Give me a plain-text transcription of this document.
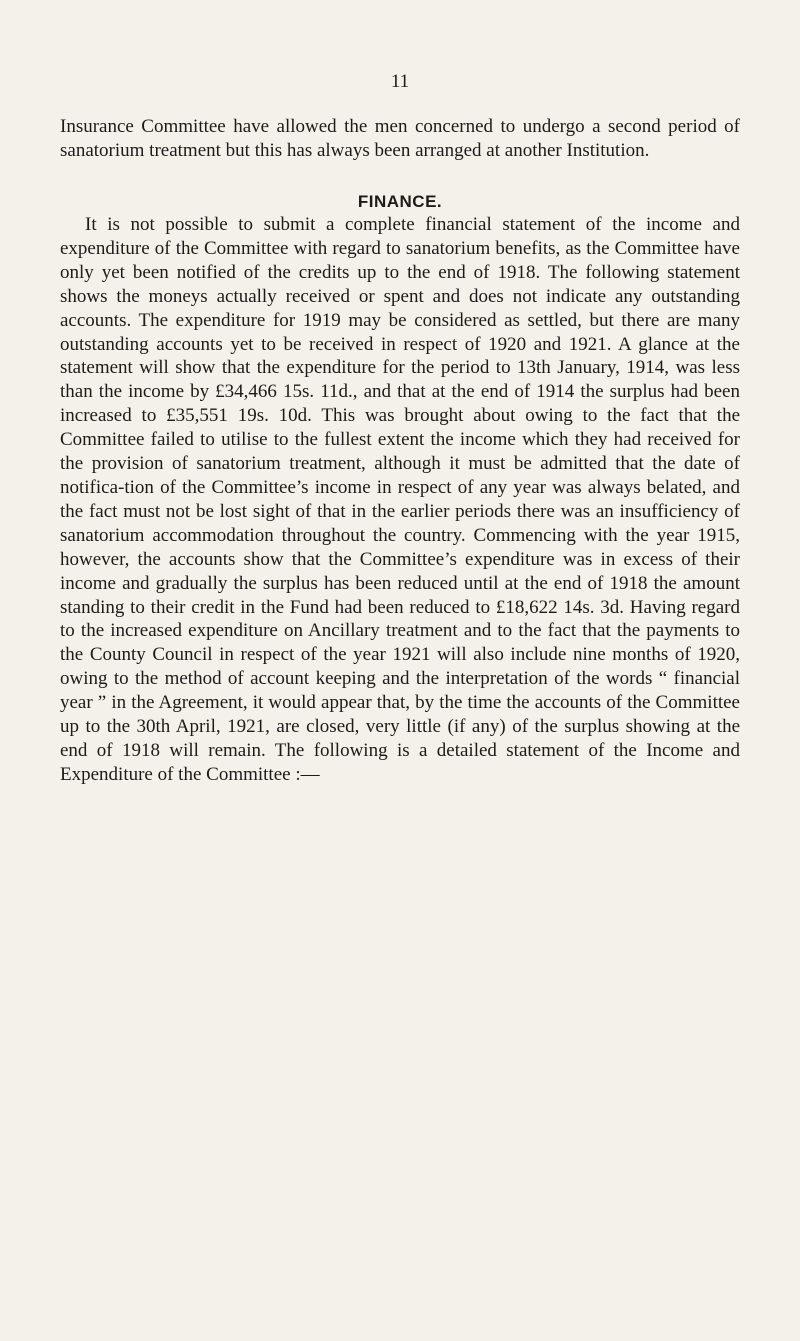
11

Insurance Committee have allowed the men concerned to undergo a second period of sanatorium treatment but this has always been arranged at another Institution.

FINANCE.

It is not possible to submit a complete financial statement of the income and expenditure of the Committee with regard to sanatorium benefits, as the Committee have only yet been notified of the credits up to the end of 1918. The following statement shows the moneys actually received or spent and does not indicate any outstanding accounts. The expenditure for 1919 may be considered as settled, but there are many outstanding accounts yet to be received in respect of 1920 and 1921. A glance at the statement will show that the expenditure for the period to 13th January, 1914, was less than the income by £34,466 15s. 11d., and that at the end of 1914 the surplus had been increased to £35,551 19s. 10d. This was brought about owing to the fact that the Committee failed to utilise to the fullest extent the income which they had received for the provision of sanatorium treatment, although it must be admitted that the date of notifica-tion of the Committee’s income in respect of any year was always belated, and the fact must not be lost sight of that in the earlier periods there was an insufficiency of sanatorium accommodation throughout the country. Commencing with the year 1915, however, the accounts show that the Committee’s expenditure was in excess of their income and gradually the surplus has been reduced until at the end of 1918 the amount standing to their credit in the Fund had been reduced to £18,622 14s. 3d. Having regard to the increased expenditure on Ancillary treatment and to the fact that the payments to the County Council in respect of the year 1921 will also include nine months of 1920, owing to the method of account keeping and the interpretation of the words “ financial year ” in the Agreement, it would appear that, by the time the accounts of the Committee up to the 30th April, 1921, are closed, very little (if any) of the surplus showing at the end of 1918 will remain. The following is a detailed statement of the Income and Expenditure of the Committee :—
